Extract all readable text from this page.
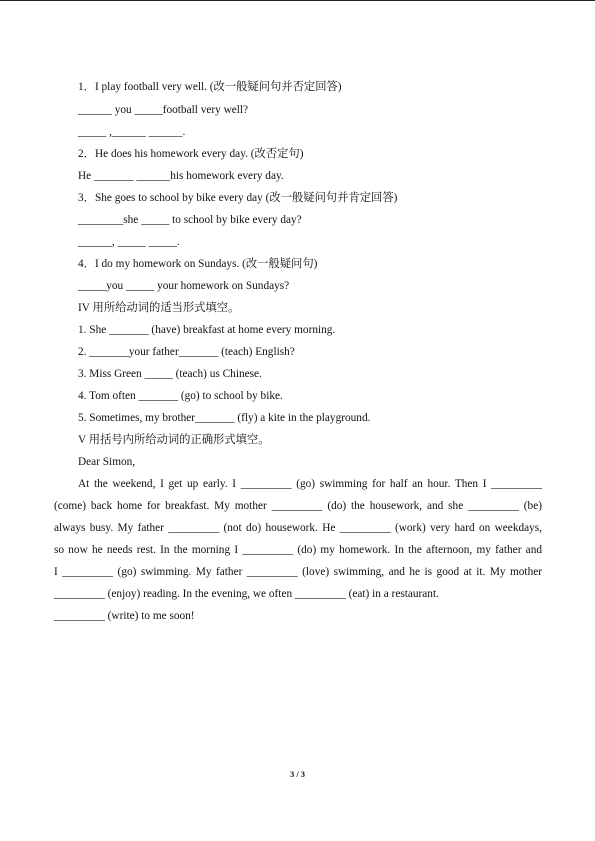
1．I play football very well. (改一般疑问句并否定回答)
______ you _____football very well?
_____ ,______ ______.
2．He does his homework every day. (改否定句)
He _______ ______his homework every day.
3．She goes to school by bike every day (改一般疑问句并肯定回答)
________she _____ to school by bike every day?
______, _____ _____.
4．I do my homework on Sundays. (改一般疑问句)
_____you _____ your homework on Sundays?
IV 用所给动词的适当形式填空。
1. She _______ (have) breakfast at home every morning.
2. _______your father_______ (teach) English?
3. Miss Green _____ (teach) us Chinese.
4. Tom often _______ (go) to school by bike.
5. Sometimes, my brother_______ (fly) a kite in the playground.
V 用括号内所给动词的正确形式填空。
Dear Simon,
At the weekend, I get up early. I _________ (go) swimming for half an hour. Then I _________
(come) back home for breakfast. My mother _________ (do) the housework, and she _________ (be)
always busy. My father _________ (not do) housework. He _________ (work) very hard on weekdays,
so now he needs rest. In the morning I _________ (do) my homework. In the afternoon, my father and
I _________ (go) swimming. My father _________ (love) swimming, and he is good at it. My mother
_________ (enjoy) reading. In the evening, we often _________ (eat) in a restaurant.
_________ (write) to me soon!
3 / 3
